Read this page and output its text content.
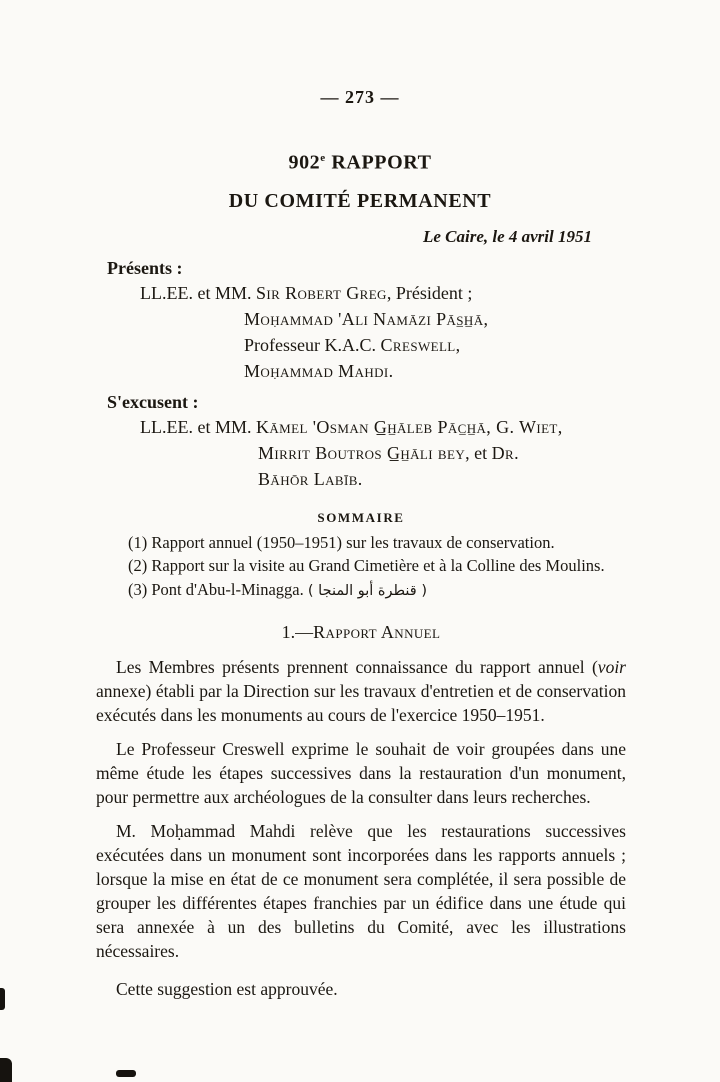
— 273 —
902e RAPPORT
DU COMITÉ PERMANENT
Le Caire, le 4 avril 1951
Présents :
LL.EE. et MM. Sir Robert Greg, Président ;
Moḥammad 'Ali Namāzi Pās̲h̲ā,
Professeur K.A.C. Creswell,
Moḥammad Mahdi.
S'excusent :
LL.EE. et MM. Kāmel 'Osman G̲h̲āleb Pāc̲h̲ā, G. Wiet,
Mirrit Boutros G̲h̲āli bey, et Dr.
Bāhōr Labīb.
SOMMAIRE
(1) Rapport annuel (1950–1951) sur les travaux de conservation.
(2) Rapport sur la visite au Grand Cimetière et à la Colline des Moulins.
(3) Pont d'Abu-l-Minagga. ( قنطرة أبو المنجا )
1.—Rapport Annuel

Les Membres présents prennent connaissance du rapport annuel (voir annexe) établi par la Direction sur les travaux d'entretien et de conservation exécutés dans les monuments au cours de l'exercice 1950–1951.

Le Professeur Creswell exprime le souhait de voir groupées dans une même étude les étapes successives dans la restauration d'un monument, pour permettre aux archéologues de la consulter dans leurs recherches.

M. Moḥammad Mahdi relève que les restaurations successives exécutées dans un monument sont incorporées dans les rapports annuels ; lorsque la mise en état de ce monument sera complétée, il sera possible de grouper les différentes étapes franchies par un édifice dans une étude qui sera annexée à un des bulletins du Comité, avec les illustrations nécessaires.

Cette suggestion est approuvée.
